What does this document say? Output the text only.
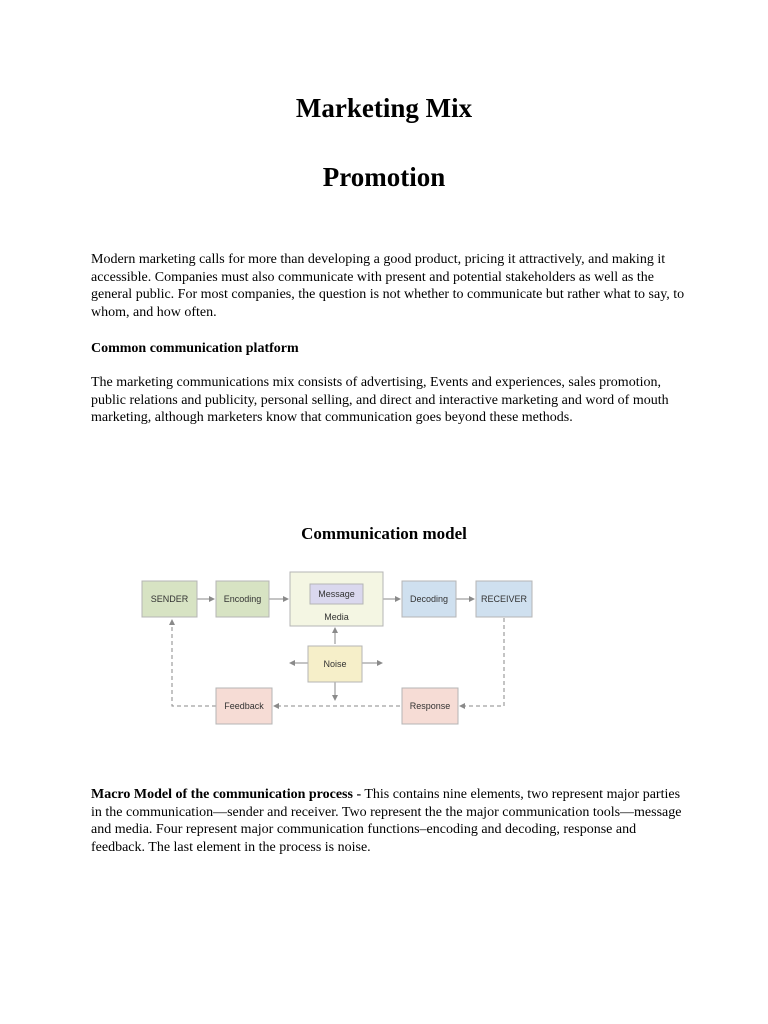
Marketing Mix
Promotion

Modern marketing calls for more than developing a good product, pricing it attractively, and making it accessible. Companies must also communicate with present and potential stakeholders as well as the general public. For most companies, the question is not whether to communicate but rather what to say, to whom, and how often.

Common communication platform

The marketing communications mix consists of advertising, Events and experiences, sales promotion, public relations and publicity, personal selling, and direct and interactive marketing and word of mouth marketing, although marketers know that communication goes beyond these methods.

Communication model
SENDER	Encoding	Message
Media
Decoding	RECEIVER
Noise
Feedback	Response

Macro Model of the communication process - This contains nine elements, two represent major parties in the communication—sender and receiver. Two represent the the major communication tools—message and media. Four represent major communication functions–encoding and decoding, response and feedback. The last element in the process is noise.
